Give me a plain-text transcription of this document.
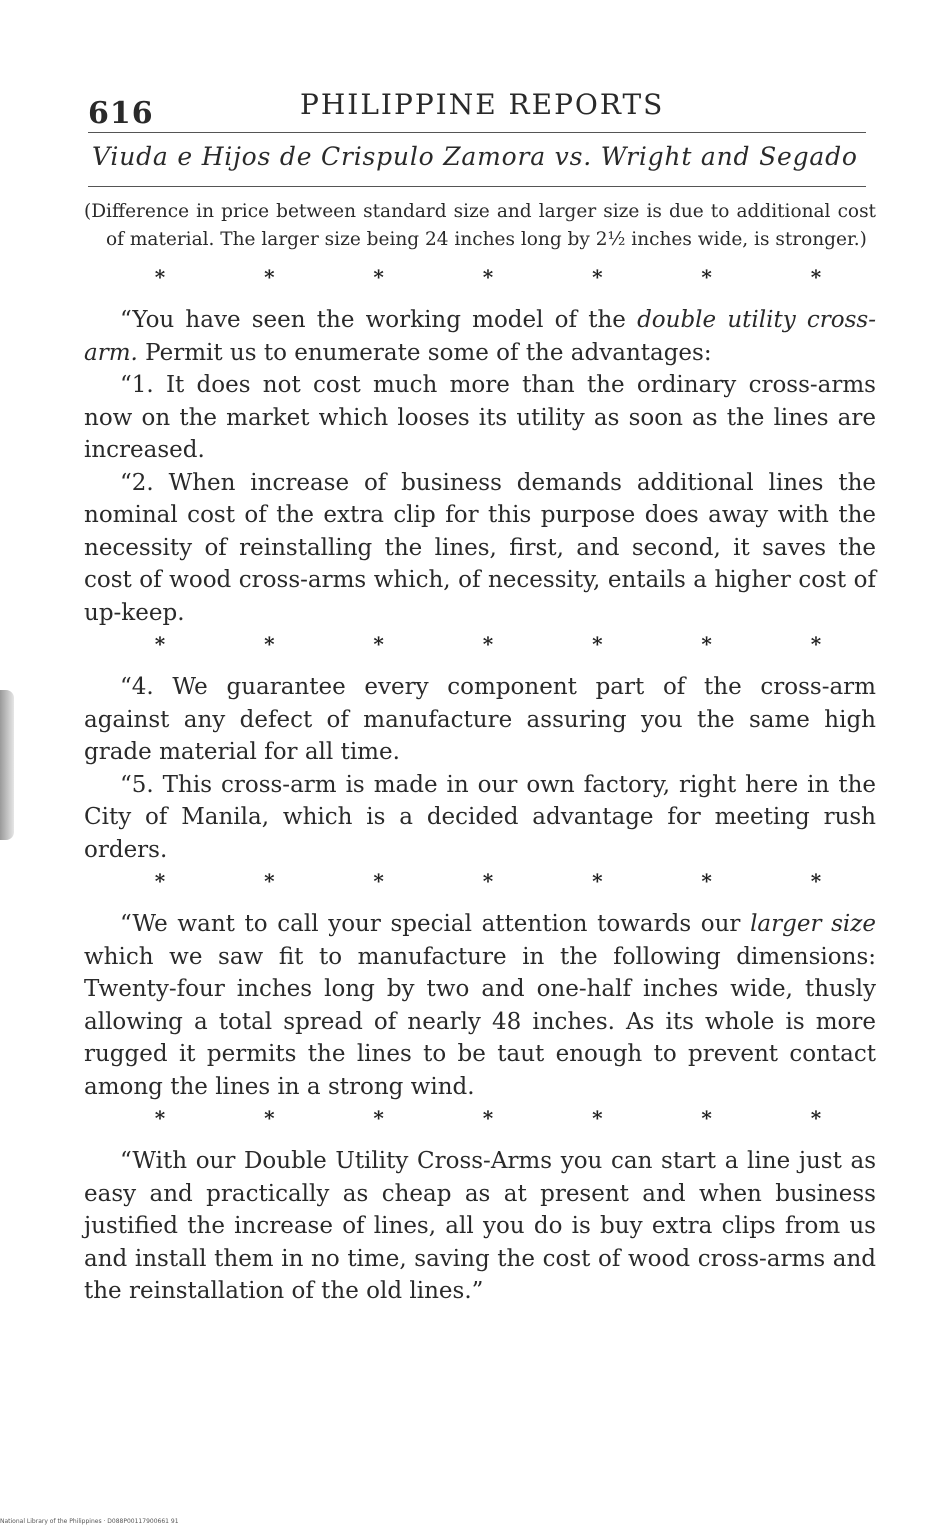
616	PHILIPPINE REPORTS
Viuda e Hijos de Crispulo Zamora vs. Wright and Segado

(Difference in price between standard size and larger size is due to additional cost of material. The larger size being 24 inches long by 2½ inches wide, is stronger.)

*	*	*	*	*	*	*

“You have seen the working model of the double utility cross-arm. Permit us to enumerate some of the advantages:

“1. It does not cost much more than the ordinary cross-arms now on the market which looses its utility as soon as the lines are increased.

“2. When increase of business demands additional lines the nominal cost of the extra clip for this purpose does away with the necessity of reinstalling the lines, first, and second, it saves the cost of wood cross-arms which, of necessity, entails a higher cost of up-keep.

*	*	*	*	*	*	*

“4. We guarantee every component part of the cross-arm against any defect of manufacture assuring you the same high grade material for all time.

“5. This cross-arm is made in our own factory, right here in the City of Manila, which is a decided advantage for meeting rush orders.

*	*	*	*	*	*	*

“We want to call your special attention towards our larger size which we saw fit to manufacture in the following dimensions: Twenty-four inches long by two and one-half inches wide, thusly allowing a total spread of nearly 48 inches. As its whole is more rugged it permits the lines to be taut enough to prevent contact among the lines in a strong wind.

*	*	*	*	*	*	*

“With our Double Utility Cross-Arms you can start a line just as easy and practically as cheap as at present and when business justified the increase of lines, all you do is buy extra clips from us and install them in no time, saving the cost of wood cross-arms and the reinstallation of the old lines.”

National Library of the Philippines · D088P00117900661 91
